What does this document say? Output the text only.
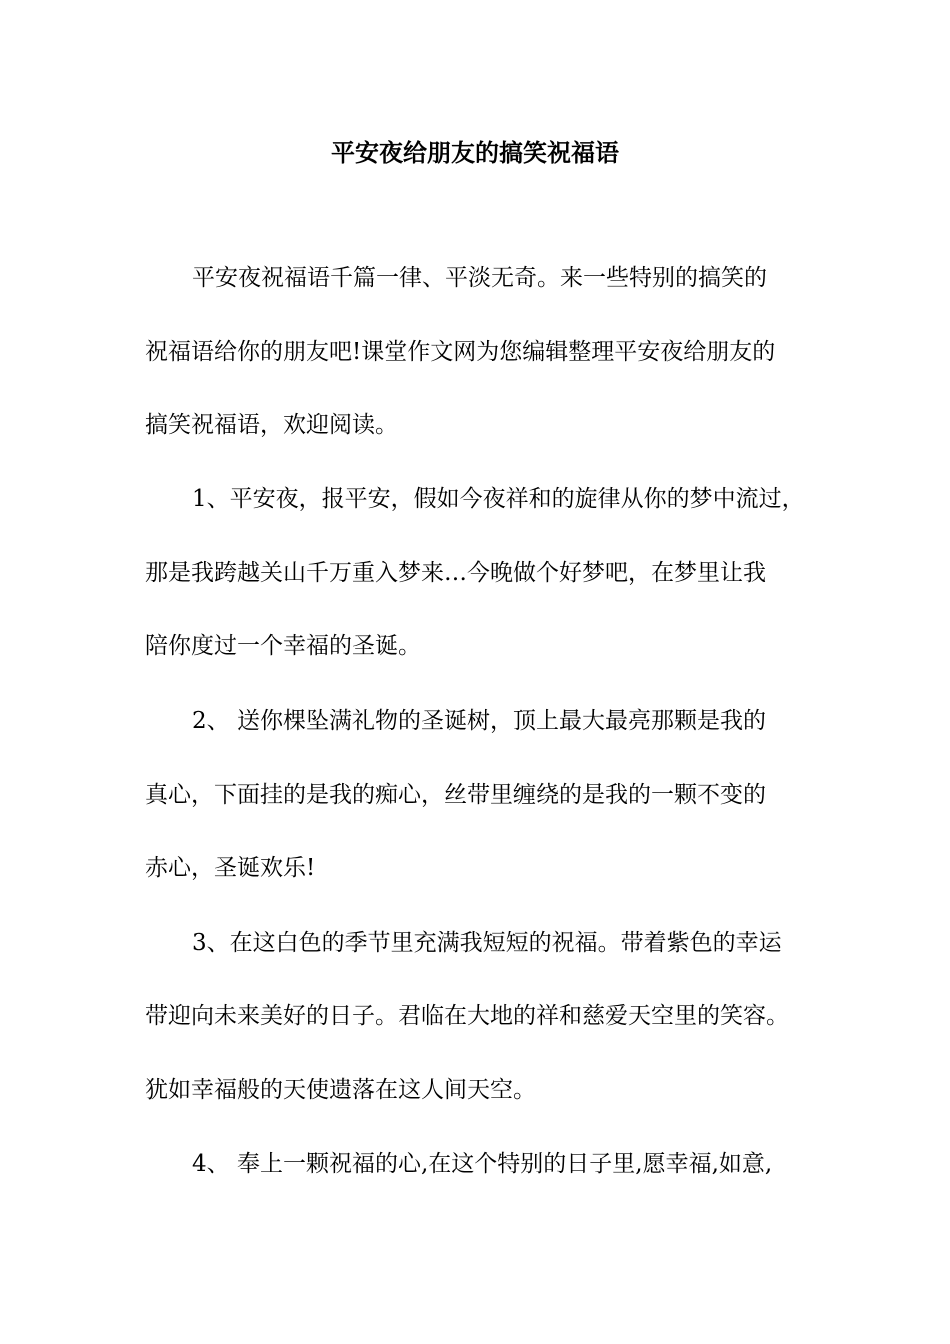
平安夜给朋友的搞笑祝福语

平安夜祝福语千篇一律、平淡无奇。来一些特别的搞笑的

祝福语给你的朋友吧!课堂作文网为您编辑整理平安夜给朋友的

搞笑祝福语，欢迎阅读。

1、平安夜，报平安，假如今夜祥和的旋律从你的梦中流过，

那是我跨越关山千万重入梦来…今晚做个好梦吧，在梦里让我

陪你度过一个幸福的圣诞。

2、 送你棵坠满礼物的圣诞树，顶上最大最亮那颗是我的

真心，下面挂的是我的痴心，丝带里缠绕的是我的一颗不变的

赤心，圣诞欢乐!

3、在这白色的季节里充满我短短的祝福。带着紫色的幸运

带迎向未来美好的日子。君临在大地的祥和慈爱天空里的笑容。

犹如幸福般的天使遗落在这人间天空。

4、 奉上一颗祝福的心,在这个特别的日子里,愿幸福,如意,
